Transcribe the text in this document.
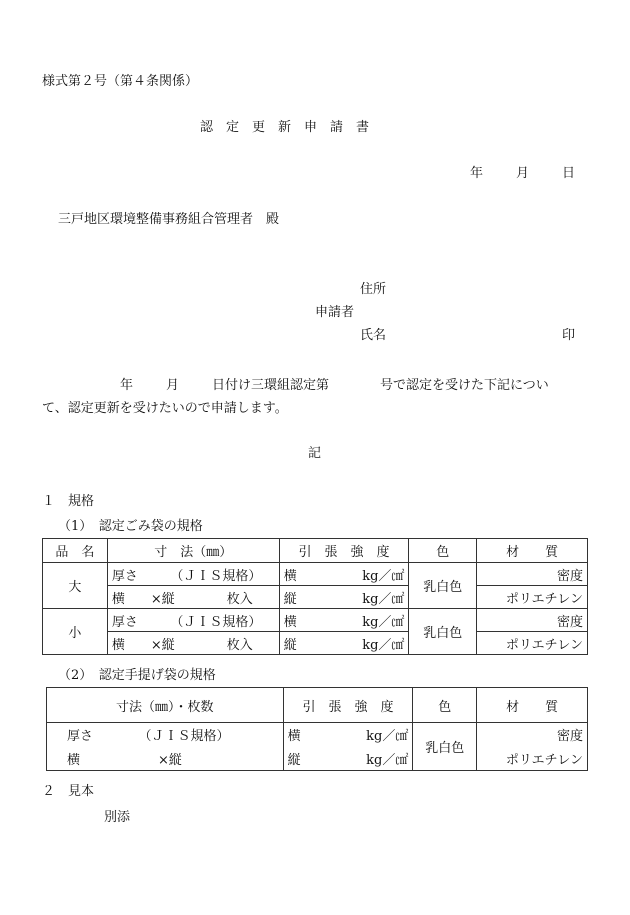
様式第２号（第４条関係）
認　定　更　新　申　請　書
年	月	日
三戸地区環境整備事務組合管理者　殿
住所
申請者
氏名	印
年	月	日付け三環組認定第	号で認定を受けた下記につい
て、認定更新を受けたいので申請します。
記
１　規格
（1）　認定ごみ袋の規格
品　名	寸　法（㎜）	引　張　強　度	色	材　　質
大	厚さ　　　（ＪＩＳ規格）	横 kg／㎠	乳白色	密度
	横　　×縦　　　　枚入	縦 kg／㎠		ポリエチレン
小	厚さ　　　（ＪＩＳ規格）	横 kg／㎠	乳白色	密度
	横　　×縦　　　　枚入	縦 kg／㎠		ポリエチレン
（2）　認定手提げ袋の規格
寸法（㎜）・枚数	引　張　強　度	色	材　　質
厚さ　　　　（ＪＩＳ規格）	横 kg／㎠	乳白色	密度
横　　　　　　×縦	縦 kg／㎠		ポリエチレン
２　見本
別添
